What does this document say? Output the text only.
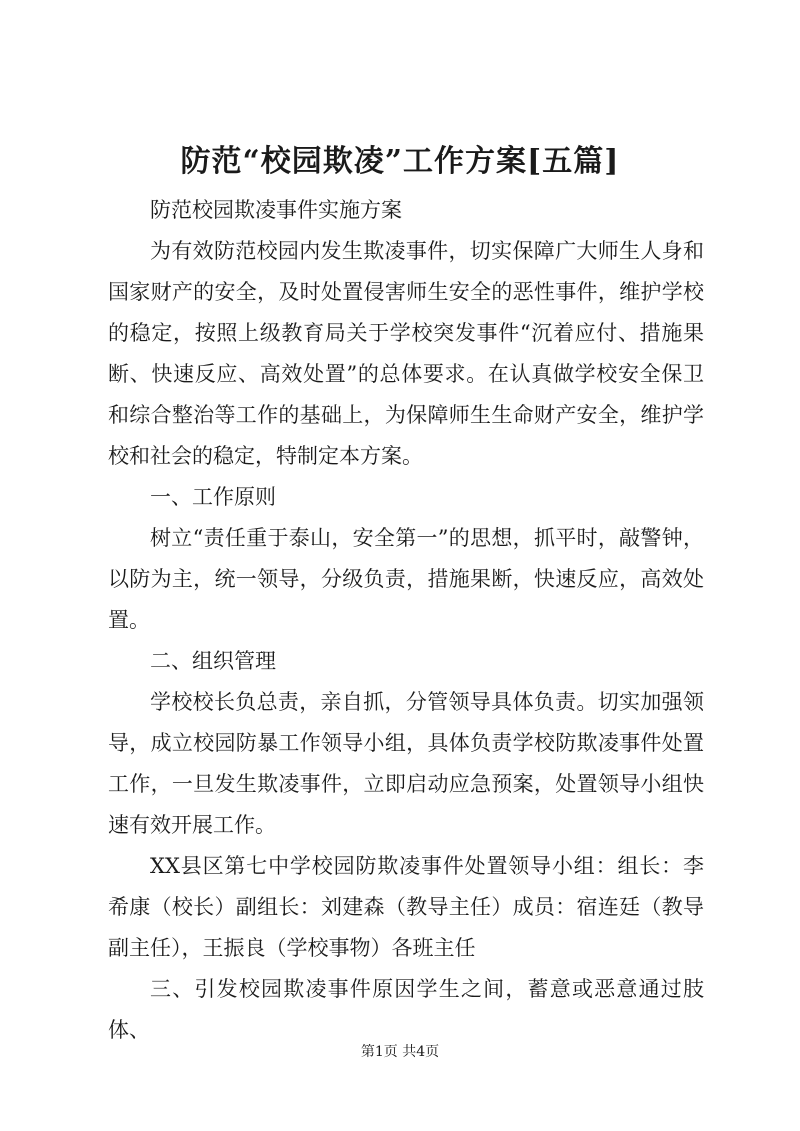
防范“校园欺凌”工作方案[五篇]

防范校园欺凌事件实施方案

为有效防范校园内发生欺凌事件，切实保障广大师生人身和国家财产的安全，及时处置侵害师生安全的恶性事件，维护学校的稳定，按照上级教育局关于学校突发事件“沉着应付、措施果断、快速反应、高效处置”的总体要求。在认真做学校安全保卫和综合整治等工作的基础上，为保障师生生命财产安全，维护学校和社会的稳定，特制定本方案。

一、工作原则

树立“责任重于泰山，安全第一”的思想，抓平时，敲警钟，以防为主，统一领导，分级负责，措施果断，快速反应，高效处置。

二、组织管理

学校校长负总责，亲自抓，分管领导具体负责。切实加强领导，成立校园防暴工作领导小组，具体负责学校防欺凌事件处置工作，一旦发生欺凌事件，立即启动应急预案，处置领导小组快速有效开展工作。

XX县区第七中学校园防欺凌事件处置领导小组：组长：李希康（校长）副组长：刘建森（教导主任）成员：宿连廷（教导副主任），王振良（学校事物）各班主任

三、引发校园欺凌事件原因学生之间，蓄意或恶意通过肢体、

第1页 共4页
